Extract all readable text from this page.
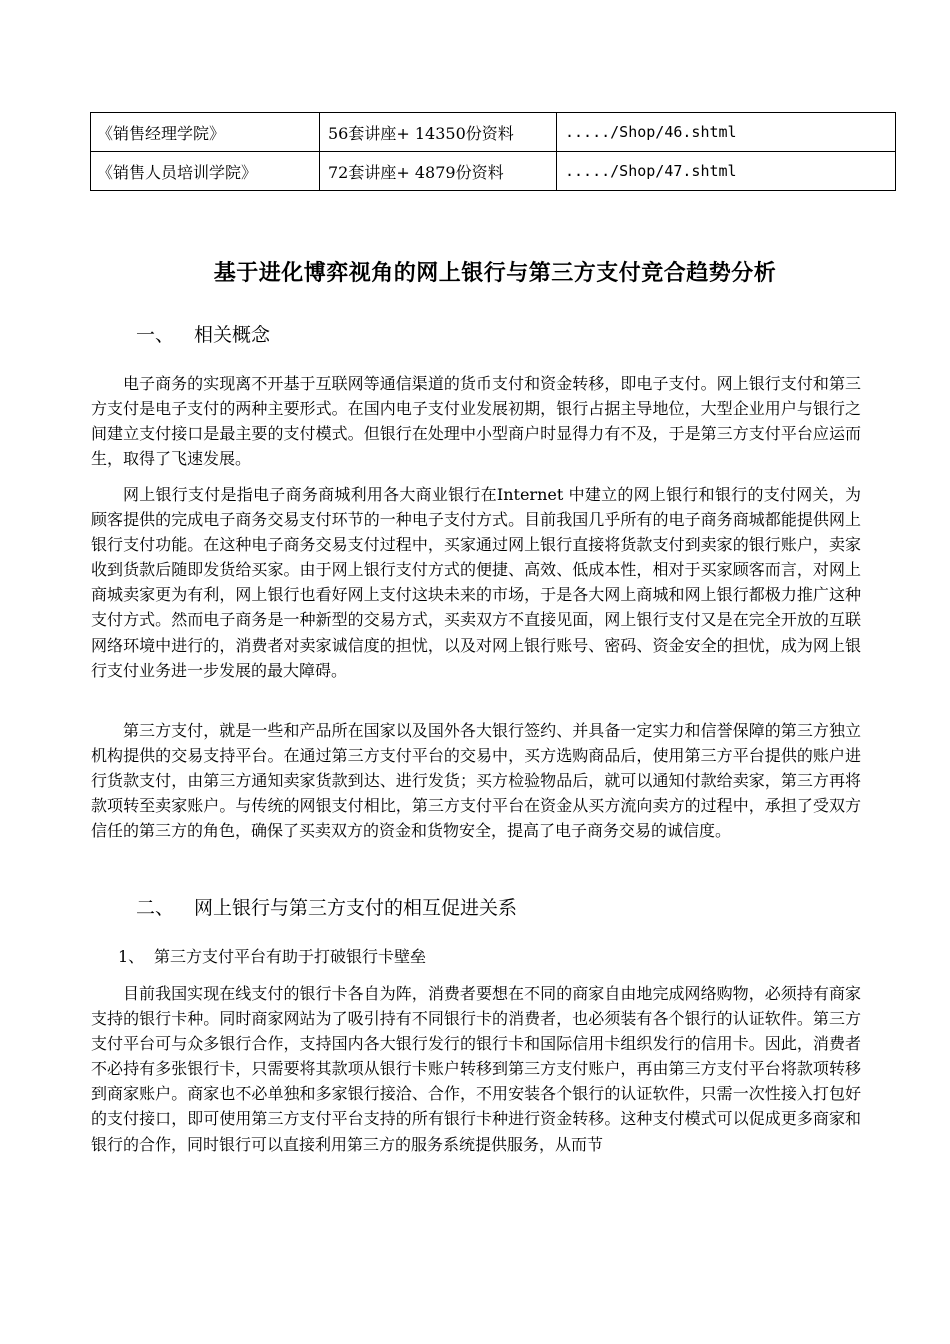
《销售经理学院》	56套讲座+ 14350份资料	...../Shop/46.shtml
《销售人员培训学院》	72套讲座+ 4879份资料	...../Shop/47.shtml
基于进化博弈视角的网上银行与第三方支付竞合趋势分析
一、 相关概念

电子商务的实现离不开基于互联网等通信渠道的货币支付和资金转移，即电子支付。网上银行支付和第三方支付是电子支付的两种主要形式。在国内电子支付业发展初期，银行占据主导地位，大型企业用户与银行之间建立支付接口是最主要的支付模式。但银行在处理中小型商户时显得力有不及，于是第三方支付平台应运而生，取得了飞速发展。

网上银行支付是指电子商务商城利用各大商业银行在Internet 中建立的网上银行和银行的支付网关，为顾客提供的完成电子商务交易支付环节的一种电子支付方式。目前我国几乎所有的电子商务商城都能提供网上银行支付功能。在这种电子商务交易支付过程中，买家通过网上银行直接将货款支付到卖家的银行账户，卖家收到货款后随即发货给买家。由于网上银行支付方式的便捷、高效、低成本性，相对于买家顾客而言，对网上商城卖家更为有利，网上银行也看好网上支付这块未来的市场，于是各大网上商城和网上银行都极力推广这种支付方式。然而电子商务是一种新型的交易方式，买卖双方不直接见面，网上银行支付又是在完全开放的互联网络环境中进行的，消费者对卖家诚信度的担忧，以及对网上银行账号、密码、资金安全的担忧，成为网上银行支付业务进一步发展的最大障碍。

第三方支付，就是一些和产品所在国家以及国外各大银行签约、并具备一定实力和信誉保障的第三方独立机构提供的交易支持平台。在通过第三方支付平台的交易中，买方选购商品后，使用第三方平台提供的账户进行货款支付，由第三方通知卖家货款到达、进行发货；买方检验物品后，就可以通知付款给卖家，第三方再将款项转至卖家账户。与传统的网银支付相比，第三方支付平台在资金从买方流向卖方的过程中，承担了受双方信任的第三方的角色，确保了买卖双方的资金和货物安全，提高了电子商务交易的诚信度。

二、 网上银行与第三方支付的相互促进关系
1、 第三方支付平台有助于打破银行卡壁垒

目前我国实现在线支付的银行卡各自为阵，消费者要想在不同的商家自由地完成网络购物，必须持有商家支持的银行卡种。同时商家网站为了吸引持有不同银行卡的消费者，也必须装有各个银行的认证软件。第三方支付平台可与众多银行合作，支持国内各大银行发行的银行卡和国际信用卡组织发行的信用卡。因此，消费者不必持有多张银行卡，只需要将其款项从银行卡账户转移到第三方支付账户，再由第三方支付平台将款项转移到商家账户。商家也不必单独和多家银行接洽、合作，不用安装各个银行的认证软件，只需一次性接入打包好的支付接口，即可使用第三方支付平台支持的所有银行卡种进行资金转移。这种支付模式可以促成更多商家和银行的合作，同时银行可以直接利用第三方的服务系统提供服务，从而节
